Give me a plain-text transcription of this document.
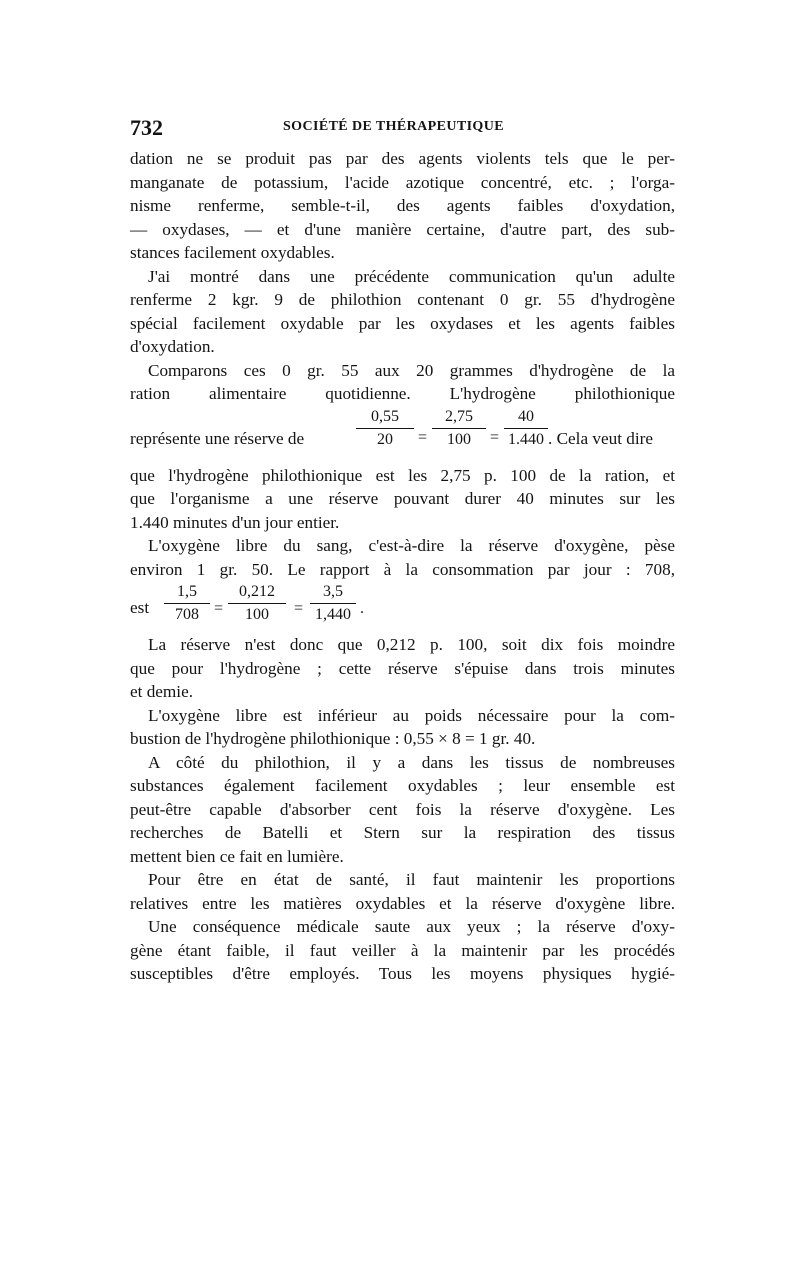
732	SOCIÉTÉ DE THÉRAPEUTIQUE
dation ne se produit pas par des agents violents tels que le per-
manganate de potassium, l'acide azotique concentré, etc. ; l'orga-
nisme renferme, semble-t-il, des agents faibles d'oxydation,
— oxydases, — et d'une manière certaine, d'autre part, des sub-
stances facilement oxydables.
J'ai montré dans une précédente communication qu'un adulte
renferme 2 kgr. 9 de philothion contenant 0 gr. 55 d'hydrogène
spécial facilement oxydable par les oxydases et les agents faibles
d'oxydation.
Comparons ces 0 gr. 55 aux 20 grammes d'hydrogène de la
ration alimentaire quotidienne. L'hydrogène philothionique
représente une réserve de	$\frac{0,55}{20} = \frac{2,75}{100} = \frac{40}{1.440}$ . Cela veut dire
que l'hydrogène philothionique est les 2,75 p. 100 de la ration, et
que l'organisme a une réserve pouvant durer 40 minutes sur les
1.440 minutes d'un jour entier.
L'oxygène libre du sang, c'est-à-dire la réserve d'oxygène, pèse
environ 1 gr. 50. Le rapport à la consommation par jour : 708,
est $\frac{1,5}{708} = \frac{0,212}{100} = \frac{3,5}{1,440}$ .
La réserve n'est donc que 0,212 p. 100, soit dix fois moindre
que pour l'hydrogène ; cette réserve s'épuise dans trois minutes
et demie.
L'oxygène libre est inférieur au poids nécessaire pour la com-
bustion de l'hydrogène philothionique : 0,55 × 8 = 1 gr. 40.
A côté du philothion, il y a dans les tissus de nombreuses
substances également facilement oxydables ; leur ensemble est
peut-être capable d'absorber cent fois la réserve d'oxygène. Les
recherches de Batelli et Stern sur la respiration des tissus
mettent bien ce fait en lumière.
Pour être en état de santé, il faut maintenir les proportions
relatives entre les matières oxydables et la réserve d'oxygène libre.
Une conséquence médicale saute aux yeux ; la réserve d'oxy-
gène étant faible, il faut veiller à la maintenir par les procédés
susceptibles d'être employés. Tous les moyens physiques hygié-
